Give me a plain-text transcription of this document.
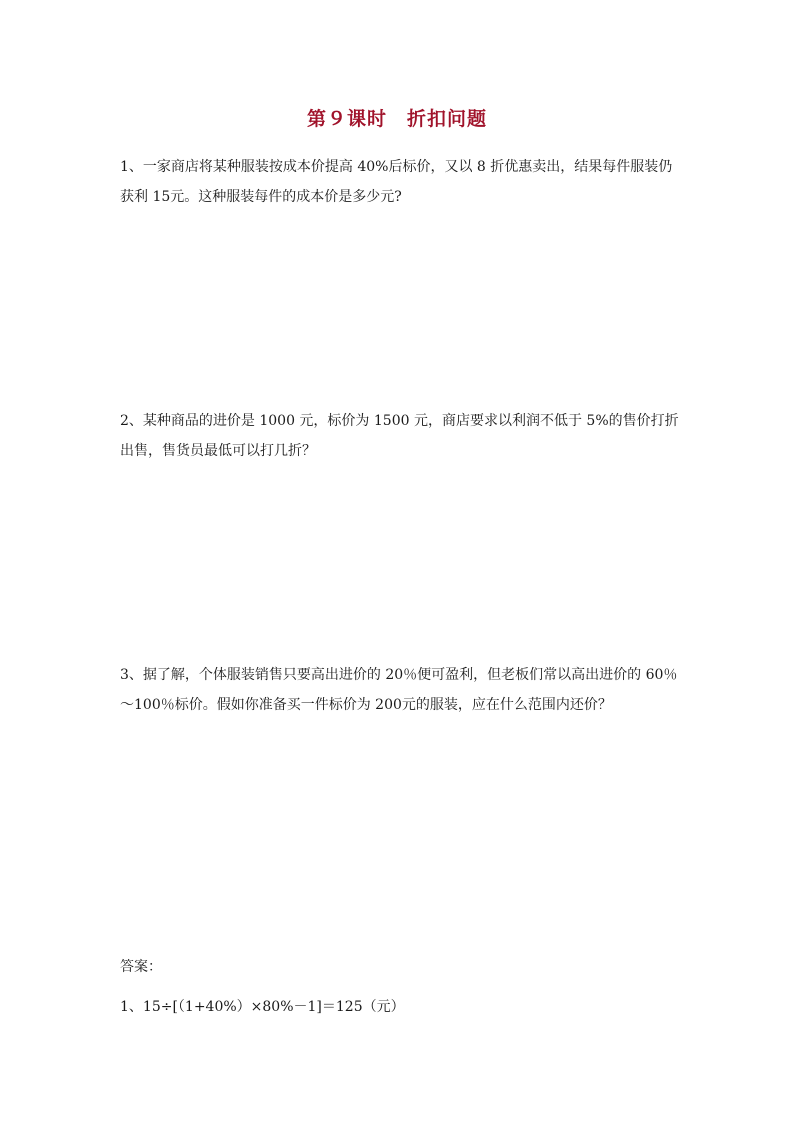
第９课时　折扣问题
1、一家商店将某种服装按成本价提高 40%后标价，又以 8 折优惠卖出，结果每件服装仍获利 15元。这种服装每件的成本价是多少元?
2、某种商品的进价是 1000 元，标价为 1500 元，商店要求以利润不低于 5%的售价打折出售，售货员最低可以打几折？
3、据了解，个体服装销售只要高出进价的 20％便可盈利，但老板们常以高出进价的 60％～100％标价。假如你准备买一件标价为 200元的服装，应在什么范围内还价？
答案：
1、15÷[（1+40%）×80%－1]＝125（元）
